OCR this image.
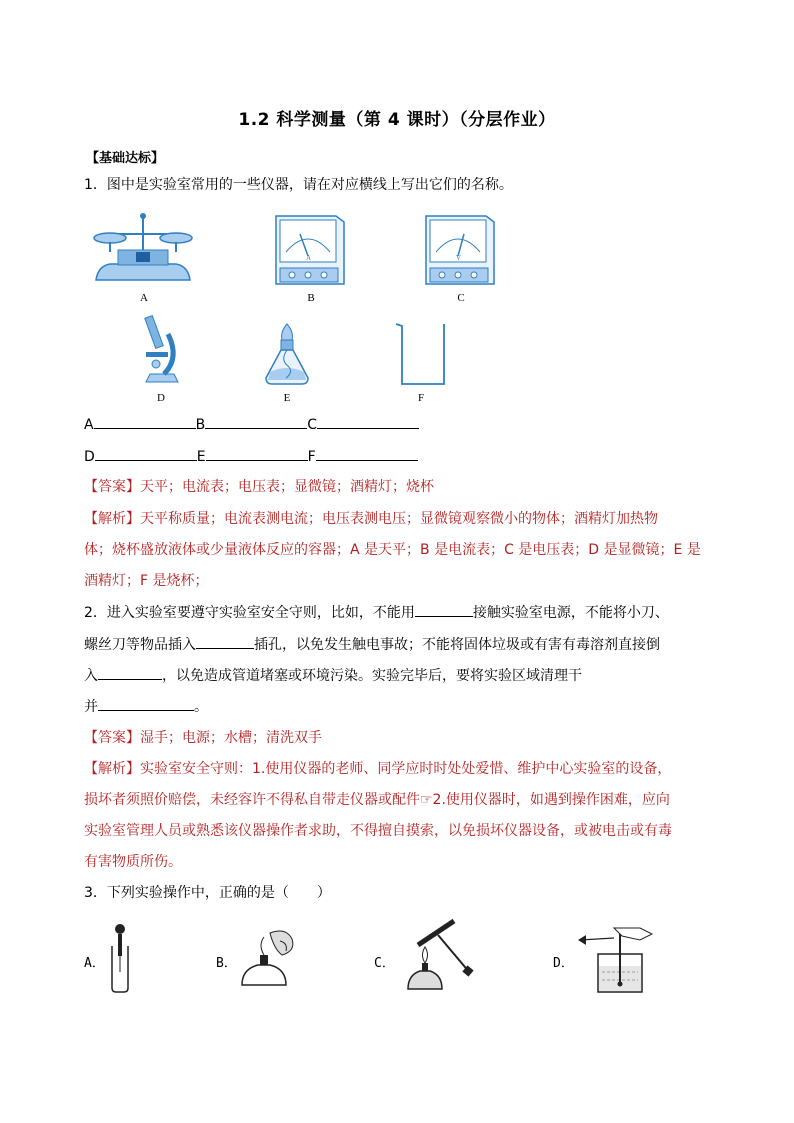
1.2 科学测量（第 4 课时）（分层作业）
【基础达标】
1．图中是实验室常用的一些仪器，请在对应横线上写出它们的名称。
A
A
B
V
C
D	E	F
A	B	C
D	E	F
【答案】天平；电流表；电压表；显微镜；酒精灯；烧杯
【解析】天平称质量；电流表测电流；电压表测电压；显微镜观察微小的物体；酒精灯加热物
体；烧杯盛放液体或少量液体反应的容器；A 是天平；B 是电流表；C 是电压表；D 是显微镜；E 是
酒精灯；F 是烧杯；
2．进入实验室要遵守实验室安全守则，比如，不能用	接触实验室电源，不能将小刀、
螺丝刀等物品插入	插孔，以免发生触电事故；不能将固体垃圾或有害有毒溶剂直接倒
入	，以免造成管道堵塞或环境污染。实验完毕后，要将实验区域清理干
并	。
【答案】湿手；电源；水槽；清洗双手
【解析】实验室安全守则：1.使用仪器的老师、同学应时时处处爱惜、维护中心实验室的设备，
损坏者须照价赔偿，未经容许不得私自带走仪器或配件☞2.使用仪器时，如遇到操作困难，应向
实验室管理人员或熟悉该仪器操作者求助，不得擅自摸索，以免损坏仪器设备，或被电击或有毒
有害物质所伤。
3．下列实验操作中，正确的是（　　）
A．	B．	C．	D．
